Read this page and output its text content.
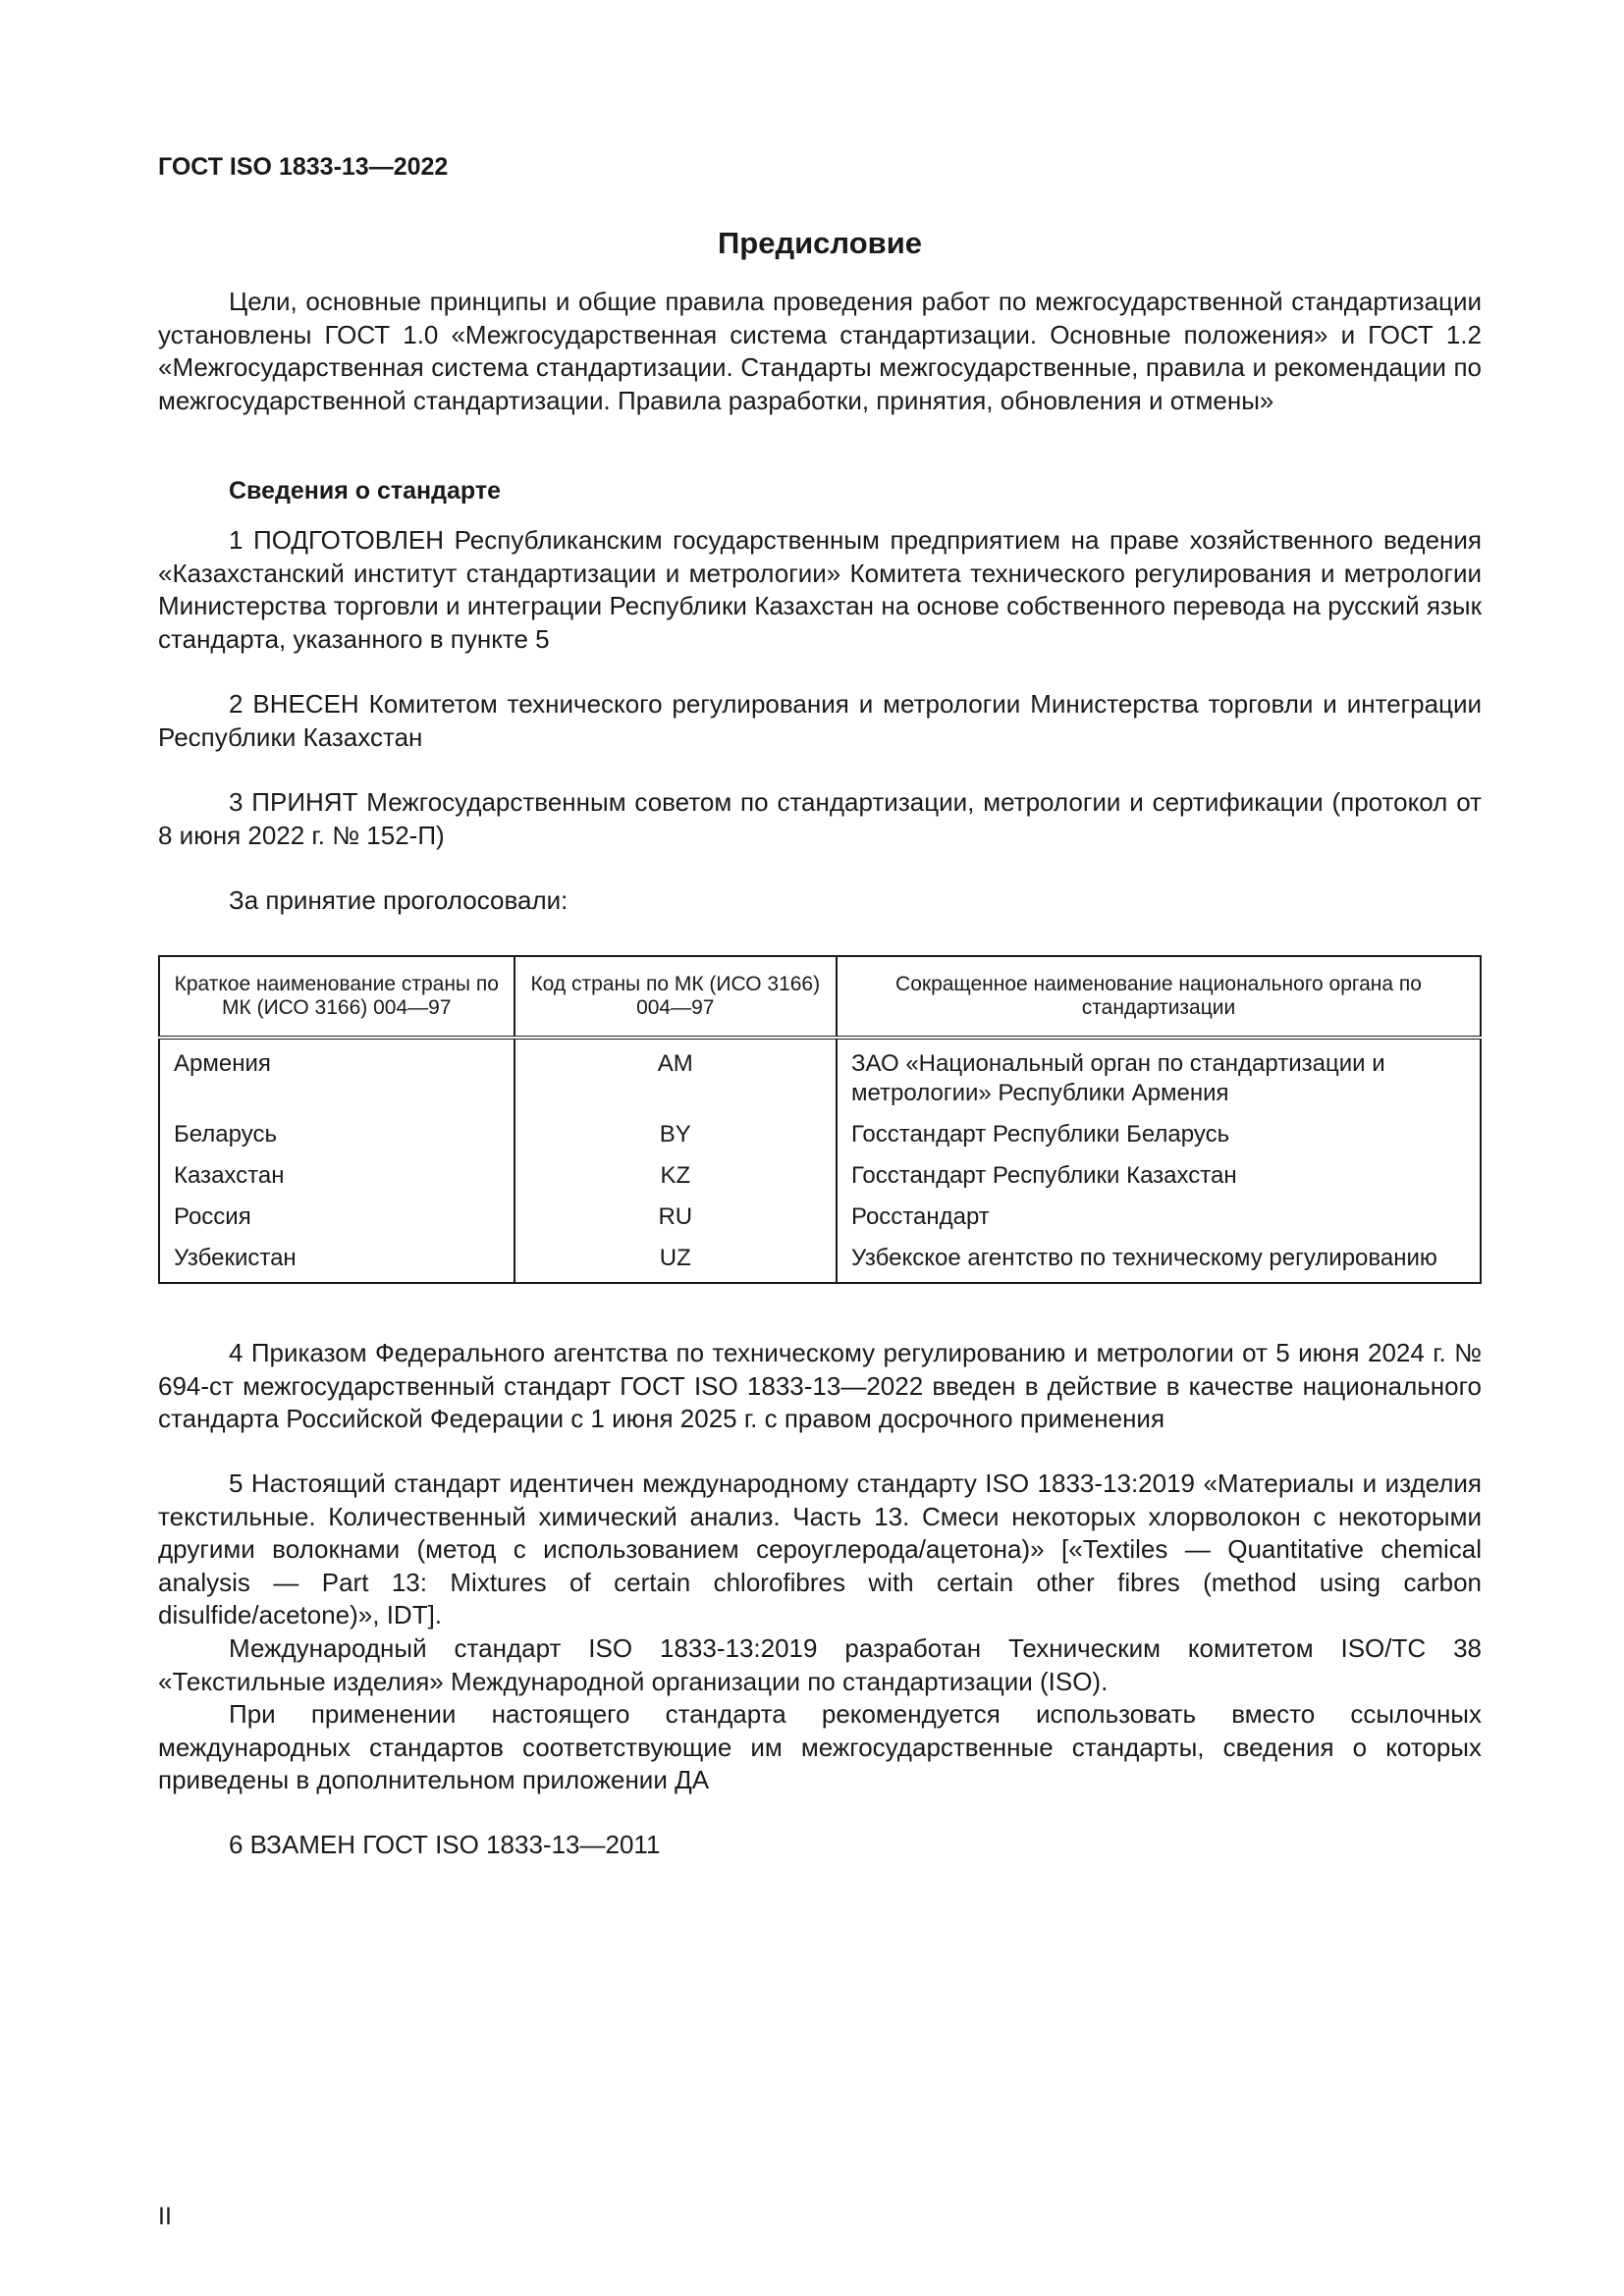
ГОСТ ISO 1833-13—2022
Предисловие

Цели, основные принципы и общие правила проведения работ по межгосударственной стандартизации установлены ГОСТ 1.0 «Межгосударственная система стандартизации. Основные положения» и ГОСТ 1.2 «Межгосударственная система стандартизации. Стандарты межгосударственные, правила и рекомендации по межгосударственной стандартизации. Правила разработки, принятия, обновления и отмены»

Сведения о стандарте

1 ПОДГОТОВЛЕН Республиканским государственным предприятием на праве хозяйственного ведения «Казахстанский институт стандартизации и метрологии» Комитета технического регулирования и метрологии Министерства торговли и интеграции Республики Казахстан на основе собственного перевода на русский язык стандарта, указанного в пункте 5

2 ВНЕСЕН Комитетом технического регулирования и метрологии Министерства торговли и интеграции Республики Казахстан

3 ПРИНЯТ Межгосударственным советом по стандартизации, метрологии и сертификации (протокол от 8 июня 2022 г. № 152-П)

За принятие проголосовали:

Краткое наименование страны по МК (ИСО 3166) 004—97	Код страны по МК (ИСО 3166) 004—97	Сокращенное наименование национального органа по стандартизации
Армения	AM	ЗАО «Национальный орган по стандартизации и метрологии» Республики Армения
Беларусь	BY	Госстандарт Республики Беларусь
Казахстан	KZ	Госстандарт Республики Казахстан
Россия	RU	Росстандарт
Узбекистан	UZ	Узбекское агентство по техническому регулированию

4 Приказом Федерального агентства по техническому регулированию и метрологии от 5 июня 2024 г. № 694-ст межгосударственный стандарт ГОСТ ISO 1833-13—2022 введен в действие в качестве национального стандарта Российской Федерации с 1 июня 2025 г. с правом досрочного применения

5 Настоящий стандарт идентичен международному стандарту ISO 1833-13:2019 «Материалы и изделия текстильные. Количественный химический анализ. Часть 13. Смеси некоторых хлорволокон с некоторыми другими волокнами (метод с использованием сероуглерода/ацетона)» [«Textiles — Quantitative chemical analysis — Part 13: Mixtures of certain chlorofibres with certain other fibres (method using carbon disulfide/acetone)», IDT].

Международный стандарт ISO 1833-13:2019 разработан Техническим комитетом ISO/TC 38 «Текстильные изделия» Международной организации по стандартизации (ISO).

При применении настоящего стандарта рекомендуется использовать вместо ссылочных международных стандартов соответствующие им межгосударственные стандарты, сведения о которых приведены в дополнительном приложении ДА

6 ВЗАМЕН ГОСТ ISO 1833-13—2011

II
